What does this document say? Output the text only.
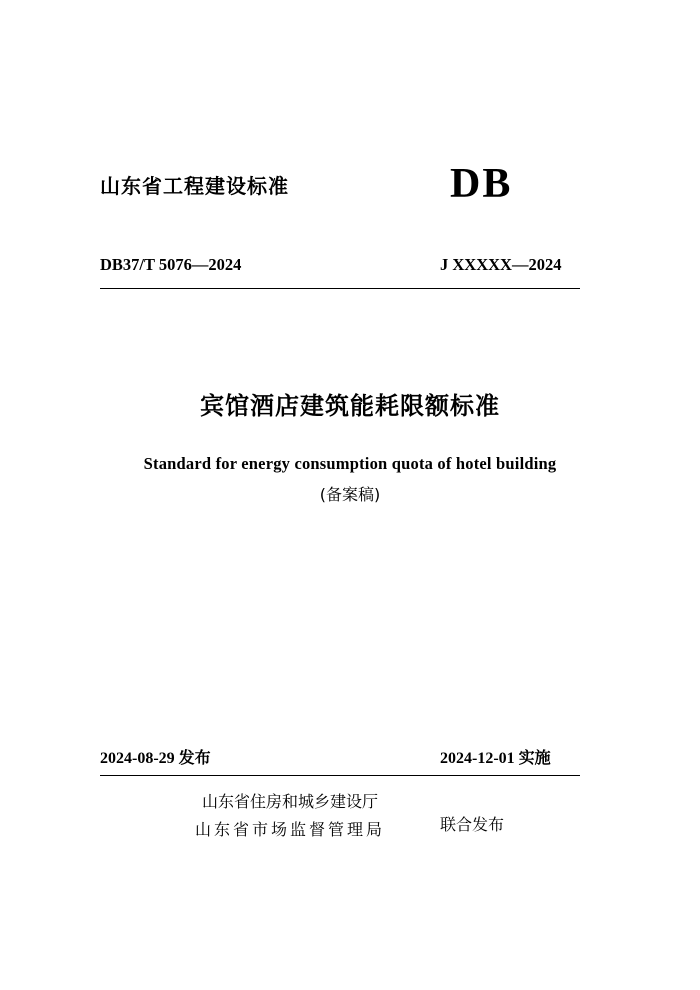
山东省工程建设标准	DB
DB37/T 5076—2024	J XXXXX—2024
宾馆酒店建筑能耗限额标准
Standard for energy consumption quota of hotel building
(备案稿)
2024-08-29 发布	2024-12-01 实施
山东省住房和城乡建设厅
山东省市场监督管理局	联合发布
